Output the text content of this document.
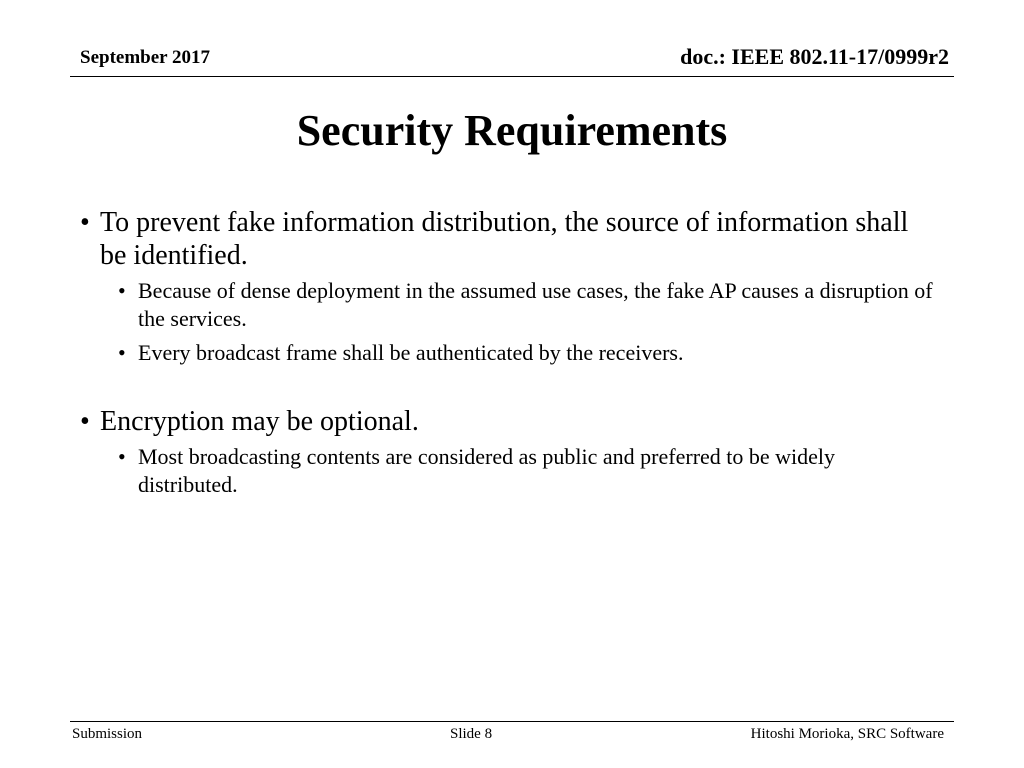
September 2017	doc.: IEEE 802.11-17/0999r2
Security Requirements
• To prevent fake information distribution, the source of information shall be identified.
• Because of dense deployment in the assumed use cases, the fake AP causes a disruption of the services.
• Every broadcast frame shall be authenticated by the receivers.
• Encryption may be optional.
• Most broadcasting contents are considered as public and preferred to be widely distributed.
Submission	Slide 8	Hitoshi Morioka, SRC Software
